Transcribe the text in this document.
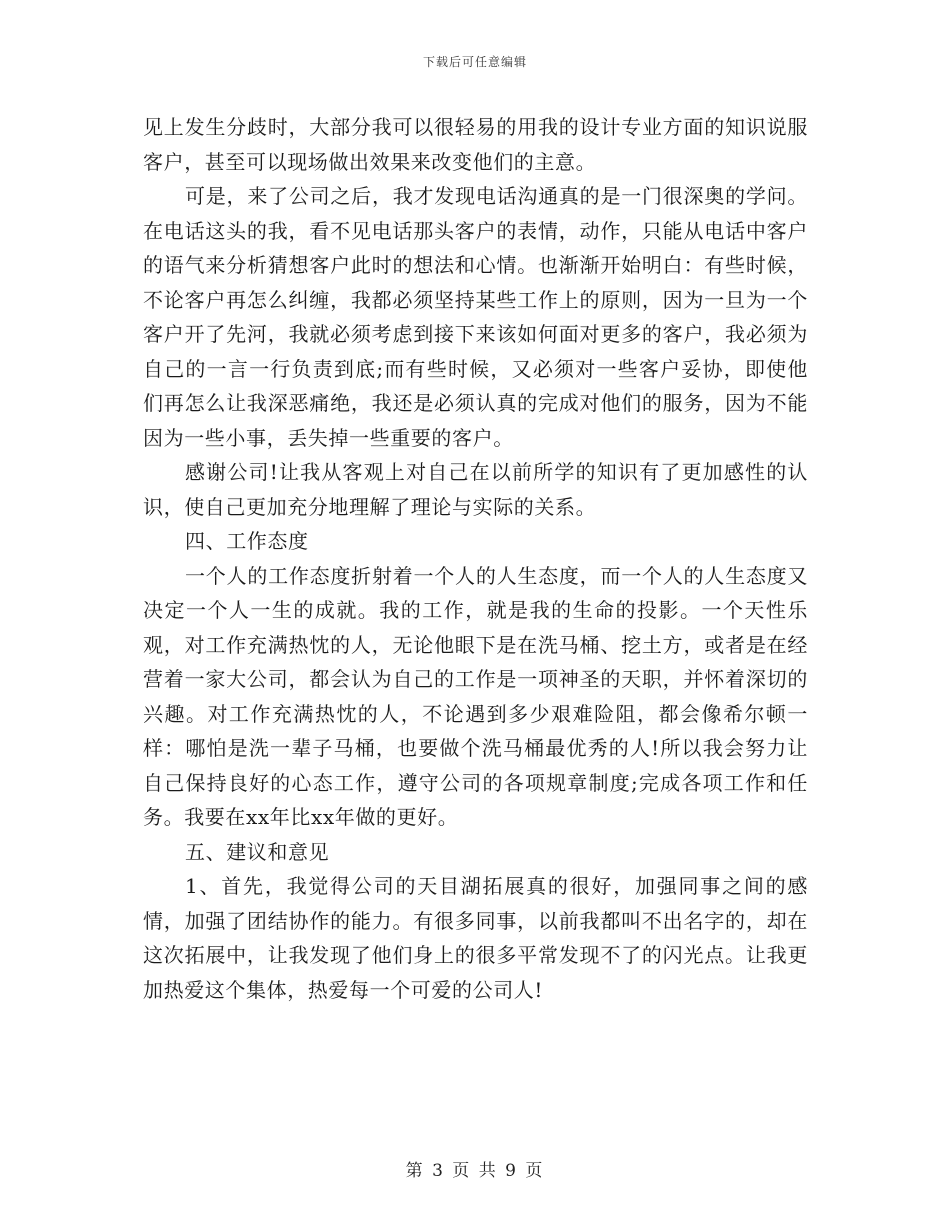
下载后可任意编辑

见上发生分歧时，大部分我可以很轻易的用我的设计专业方面的知识说服客户，甚至可以现场做出效果来改变他们的主意。

可是，来了公司之后，我才发现电话沟通真的是一门很深奥的学问。在电话这头的我，看不见电话那头客户的表情，动作，只能从电话中客户的语气来分析猜想客户此时的想法和心情。也渐渐开始明白：有些时候，不论客户再怎么纠缠，我都必须坚持某些工作上的原则，因为一旦为一个客户开了先河，我就必须考虑到接下来该如何面对更多的客户，我必须为自己的一言一行负责到底;而有些时候，又必须对一些客户妥协，即使他们再怎么让我深恶痛绝，我还是必须认真的完成对他们的服务，因为不能因为一些小事，丢失掉一些重要的客户。

感谢公司!让我从客观上对自己在以前所学的知识有了更加感性的认识，使自己更加充分地理解了理论与实际的关系。

四、工作态度

一个人的工作态度折射着一个人的人生态度，而一个人的人生态度又决定一个人一生的成就。我的工作，就是我的生命的投影。一个天性乐观，对工作充满热忱的人，无论他眼下是在洗马桶、挖土方，或者是在经营着一家大公司，都会认为自己的工作是一项神圣的天职，并怀着深切的兴趣。对工作充满热忱的人，不论遇到多少艰难险阻，都会像希尔顿一样：哪怕是洗一辈子马桶，也要做个洗马桶最优秀的人!所以我会努力让自己保持良好的心态工作，遵守公司的各项规章制度;完成各项工作和任务。我要在xx年比xx年做的更好。

五、建议和意见

1、首先，我觉得公司的天目湖拓展真的很好，加强同事之间的感情，加强了团结协作的能力。有很多同事，以前我都叫不出名字的，却在这次拓展中，让我发现了他们身上的很多平常发现不了的闪光点。让我更加热爱这个集体，热爱每一个可爱的公司人!

第 3 页 共 9 页
